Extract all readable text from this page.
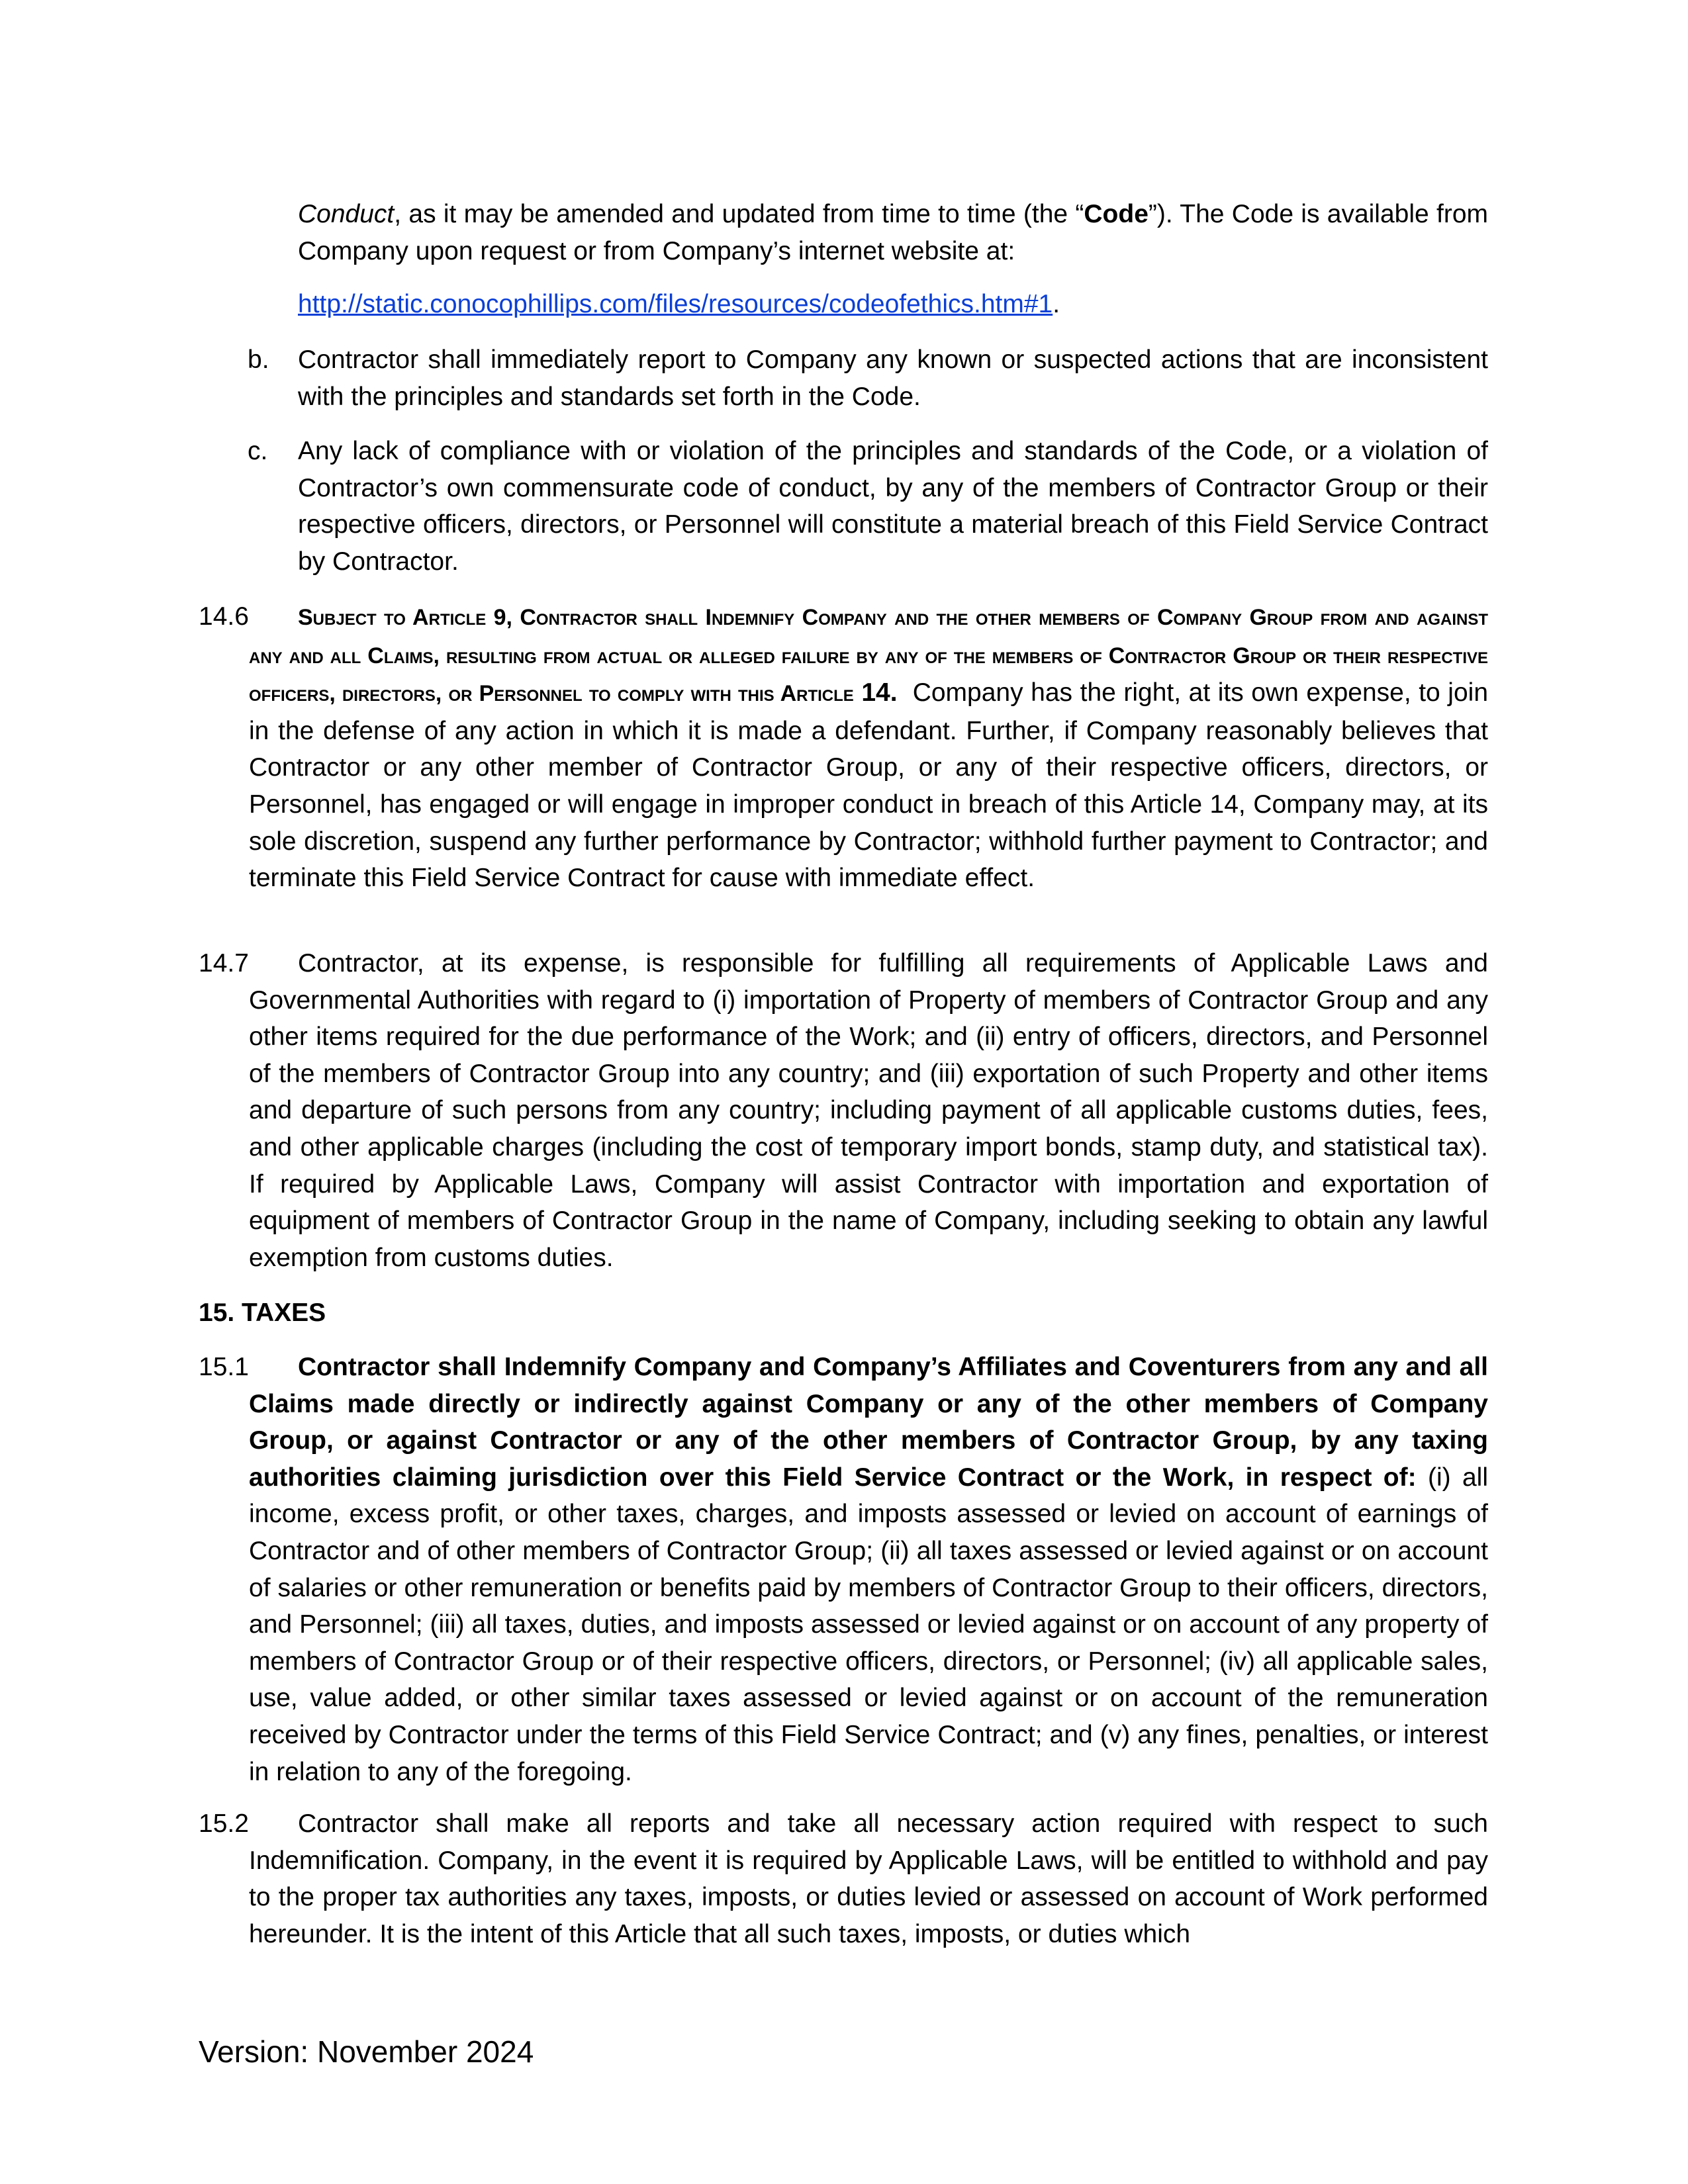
Conduct, as it may be amended and updated from time to time (the “Code”). The Code is available from Company upon request or from Company’s internet website at:

http://static.conocophillips.com/files/resources/codeofethics.htm#1.

b.	Contractor shall immediately report to Company any known or suspected actions that are inconsistent with the principles and standards set forth in the Code.
c.	Any lack of compliance with or violation of the principles and standards of the Code, or a violation of Contractor’s own commensurate code of conduct, by any of the members of Contractor Group or their respective officers, directors, or Personnel will constitute a material breach of this Field Service Contract by Contractor.

14.6 Subject to Article 9, Contractor shall Indemnify Company and the other members of Company Group from and against any and all Claims, resulting from actual or alleged failure by any of the members of Contractor Group or their respective officers, directors, or Personnel to comply with this Article 14. Company has the right, at its own expense, to join in the defense of any action in which it is made a defendant. Further, if Company reasonably believes that Contractor or any other member of Contractor Group, or any of their respective officers, directors, or Personnel, has engaged or will engage in improper conduct in breach of this Article 14, Company may, at its sole discretion, suspend any further performance by Contractor; withhold further payment to Contractor; and terminate this Field Service Contract for cause with immediate effect.

14.7 Contractor, at its expense, is responsible for fulfilling all requirements of Applicable Laws and Governmental Authorities with regard to (i) importation of Property of members of Contractor Group and any other items required for the due performance of the Work; and (ii) entry of officers, directors, and Personnel of the members of Contractor Group into any country; and (iii) exportation of such Property and other items and departure of such persons from any country; including payment of all applicable customs duties, fees, and other applicable charges (including the cost of temporary import bonds, stamp duty, and statistical tax). If required by Applicable Laws, Company will assist Contractor with importation and exportation of equipment of members of Contractor Group in the name of Company, including seeking to obtain any lawful exemption from customs duties.

15. TAXES

15.1 Contractor shall Indemnify Company and Company’s Affiliates and Coventurers from any and all Claims made directly or indirectly against Company or any of the other members of Company Group, or against Contractor or any of the other members of Contractor Group, by any taxing authorities claiming jurisdiction over this Field Service Contract or the Work, in respect of: (i) all income, excess profit, or other taxes, charges, and imposts assessed or levied on account of earnings of Contractor and of other members of Contractor Group; (ii) all taxes assessed or levied against or on account of salaries or other remuneration or benefits paid by members of Contractor Group to their officers, directors, and Personnel; (iii) all taxes, duties, and imposts assessed or levied against or on account of any property of members of Contractor Group or of their respective officers, directors, or Personnel; (iv) all applicable sales, use, value added, or other similar taxes assessed or levied against or on account of the remuneration received by Contractor under the terms of this Field Service Contract; and (v) any fines, penalties, or interest in relation to any of the foregoing.

15.2 Contractor shall make all reports and take all necessary action required with respect to such Indemnification. Company, in the event it is required by Applicable Laws, will be entitled to withhold and pay to the proper tax authorities any taxes, imposts, or duties levied or assessed on account of Work performed hereunder. It is the intent of this Article that all such taxes, imposts, or duties which

Version: November 2024
